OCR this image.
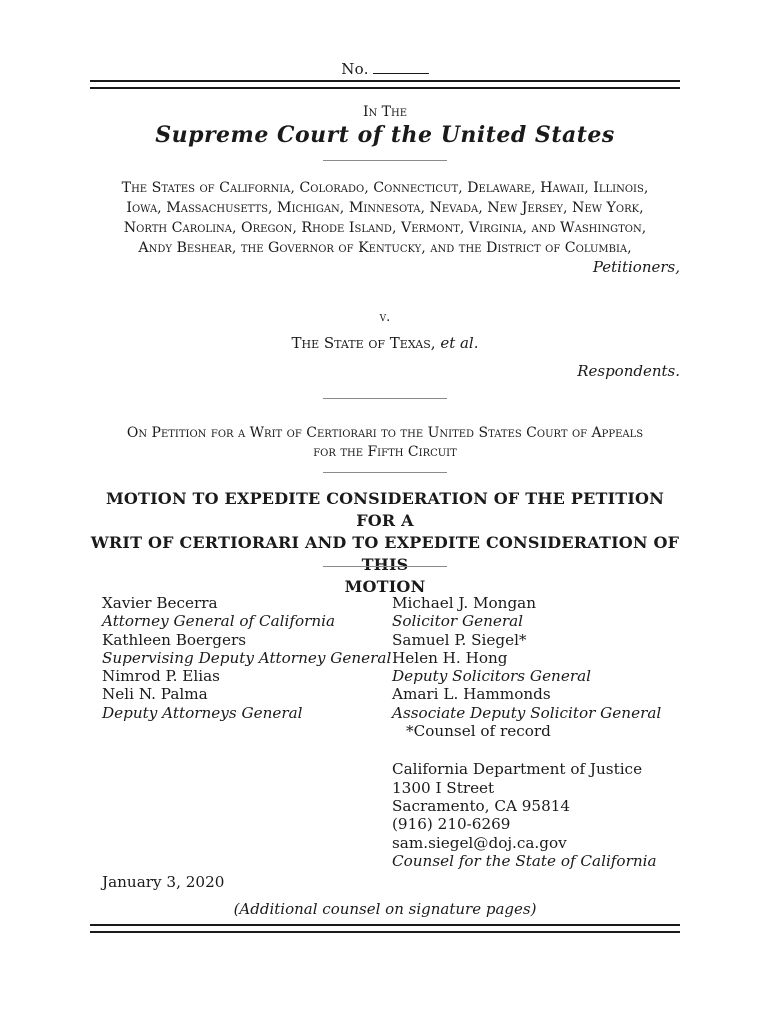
No.
In The
Supreme Court of the United States
The States of California, Colorado, Connecticut, Delaware, Hawaii, Illinois,
Iowa, Massachusetts, Michigan, Minnesota, Nevada, New Jersey, New York,
North Carolina, Oregon, Rhode Island, Vermont, Virginia, and Washington,
Andy Beshear, the Governor of Kentucky, and the District of Columbia,
Petitioners,
v.
The State of Texas, et al.
Respondents.
On Petition for a Writ of Certiorari to the United States Court of Appeals
for the Fifth Circuit
MOTION TO EXPEDITE CONSIDERATION OF THE PETITION FOR A
WRIT OF CERTIORARI AND TO EXPEDITE CONSIDERATION OF THIS
MOTION
Xavier Becerra
Attorney General of California
Kathleen Boergers
Supervising Deputy Attorney General
Nimrod P. Elias
Neli N. Palma
Deputy Attorneys General
Michael J. Mongan
Solicitor General
Samuel P. Siegel*
Helen H. Hong
Deputy Solicitors General
Amari L. Hammonds
Associate Deputy Solicitor General
*Counsel of record
California Department of Justice
1300 I Street
Sacramento, CA 95814
(916) 210-6269
sam.siegel@doj.ca.gov
Counsel for the State of California
January 3, 2020
(Additional counsel on signature pages)
